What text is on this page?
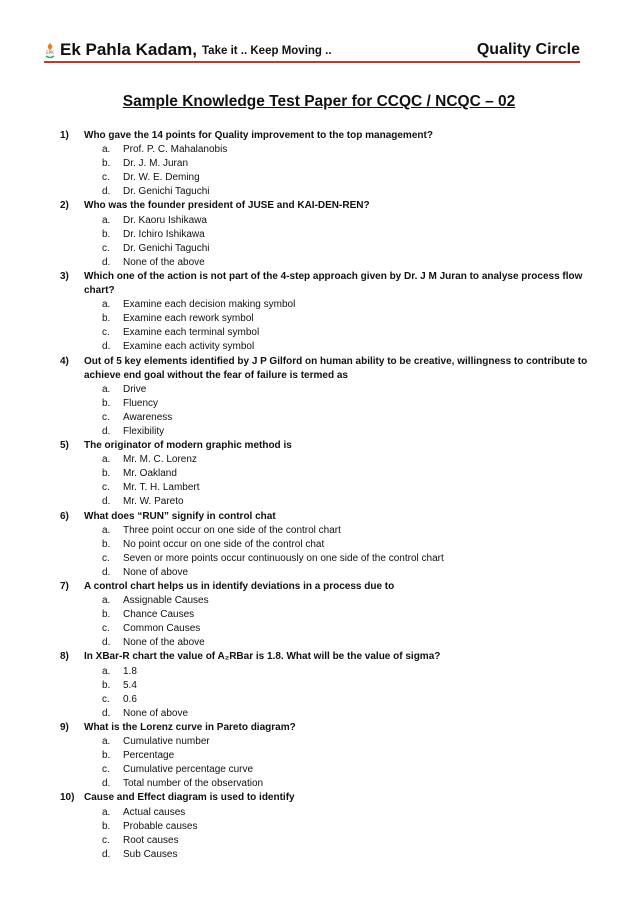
EPK Ek Pahla Kadam, Take it .. Keep Moving ..	Quality Circle
Sample Knowledge Test Paper for CCQC / NCQC – 02
1)	Who gave the 14 points for Quality improvement to the top management?
a.	Prof. P. C. Mahalanobis
b.	Dr. J. M. Juran
c.	Dr. W. E. Deming
d.	Dr. Genichi Taguchi
2)	Who was the founder president of JUSE and KAI-DEN-REN?
a.	Dr. Kaoru Ishikawa
b.	Dr. Ichiro Ishikawa
c.	Dr. Genichi Taguchi
d.	None of the above
3)	Which one of the action is not part of the 4-step approach given by Dr. J M Juran to analyse process flow chart?
a.	Examine each decision making symbol
b.	Examine each rework symbol
c.	Examine each terminal symbol
d.	Examine each activity symbol
4)	Out of 5 key elements identified by J P Gilford on human ability to be creative, willingness to contribute to achieve end goal without the fear of failure is termed as
a.	Drive
b.	Fluency
c.	Awareness
d.	Flexibility
5)	The originator of modern graphic method is
a.	Mr. M. C. Lorenz
b.	Mr. Oakland
c.	Mr. T. H. Lambert
d.	Mr. W. Pareto
6)	What does “RUN” signify in control chat
a.	Three point occur on one side of the control chart
b.	No point occur on one side of the control chat
c.	Seven or more points occur continuously on one side of the control chart
d.	None of above
7)	A control chart helps us in identify deviations in a process due to
a.	Assignable Causes
b.	Chance Causes
c.	Common Causes
d.	None of the above
8)	In XBar-R chart the value of A₂RBar is 1.8. What will be the value of sigma?
a.	1.8
b.	5.4
c.	0.6
d.	None of above
9)	What is the Lorenz curve in Pareto diagram?
a.	Cumulative number
b.	Percentage
c.	Cumulative percentage curve
d.	Total number of the observation
10) Cause and Effect diagram is used to identify
a.	Actual causes
b.	Probable causes
c.	Root causes
d.	Sub Causes
